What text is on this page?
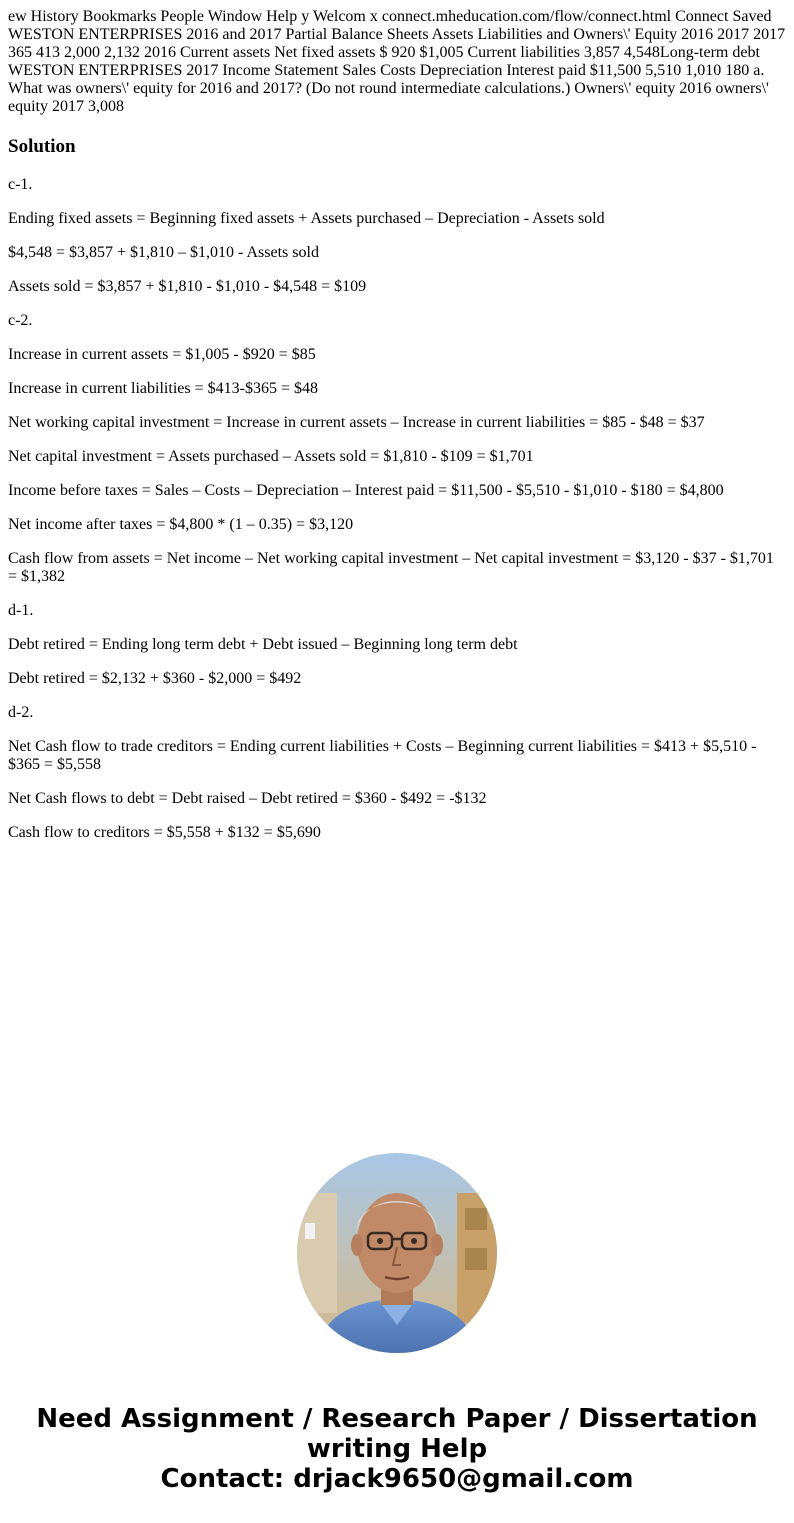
ew History Bookmarks People Window Help y Welcom x connect.mheducation.com/flow/connect.html Connect Saved WESTON ENTERPRISES 2016 and 2017 Partial Balance Sheets Assets Liabilities and Owners\' Equity 2016 2017 2017 365 413 2,000 2,132 2016 Current assets Net fixed assets $ 920 $1,005 Current liabilities 3,857 4,548Long-term debt WESTON ENTERPRISES 2017 Income Statement Sales Costs Depreciation Interest paid $11,500 5,510 1,010 180 a. What was owners\' equity for 2016 and 2017? (Do not round intermediate calculations.) Owners\' equity 2016 owners\' equity 2017 3,008

Solution

c-1.

Ending fixed assets = Beginning fixed assets + Assets purchased – Depreciation - Assets sold

$4,548 = $3,857 + $1,810 – $1,010 - Assets sold

Assets sold = $3,857 + $1,810 - $1,010 - $4,548 = $109

c-2.

Increase in current assets = $1,005 - $920 = $85

Increase in current liabilities = $413-$365 = $48

Net working capital investment = Increase in current assets – Increase in current liabilities = $85 - $48 = $37

Net capital investment = Assets purchased – Assets sold = $1,810 - $109 = $1,701

Income before taxes = Sales – Costs – Depreciation – Interest paid = $11,500 - $5,510 - $1,010 - $180 = $4,800

Net income after taxes = $4,800 * (1 – 0.35) = $3,120

Cash flow from assets = Net income – Net working capital investment – Net capital investment = $3,120 - $37 - $1,701 = $1,382

d-1.

Debt retired = Ending long term debt + Debt issued – Beginning long term debt

Debt retired = $2,132 + $360 - $2,000 = $492

d-2.

Net Cash flow to trade creditors = Ending current liabilities + Costs – Beginning current liabilities = $413 + $5,510 - $365 = $5,558

Net Cash flows to debt = Debt raised – Debt retired = $360 - $492 = -$132

Cash flow to creditors = $5,558 + $132 = $5,690

Need Assignment / Research Paper / Dissertation
writing Help
Contact: drjack9650@gmail.com
